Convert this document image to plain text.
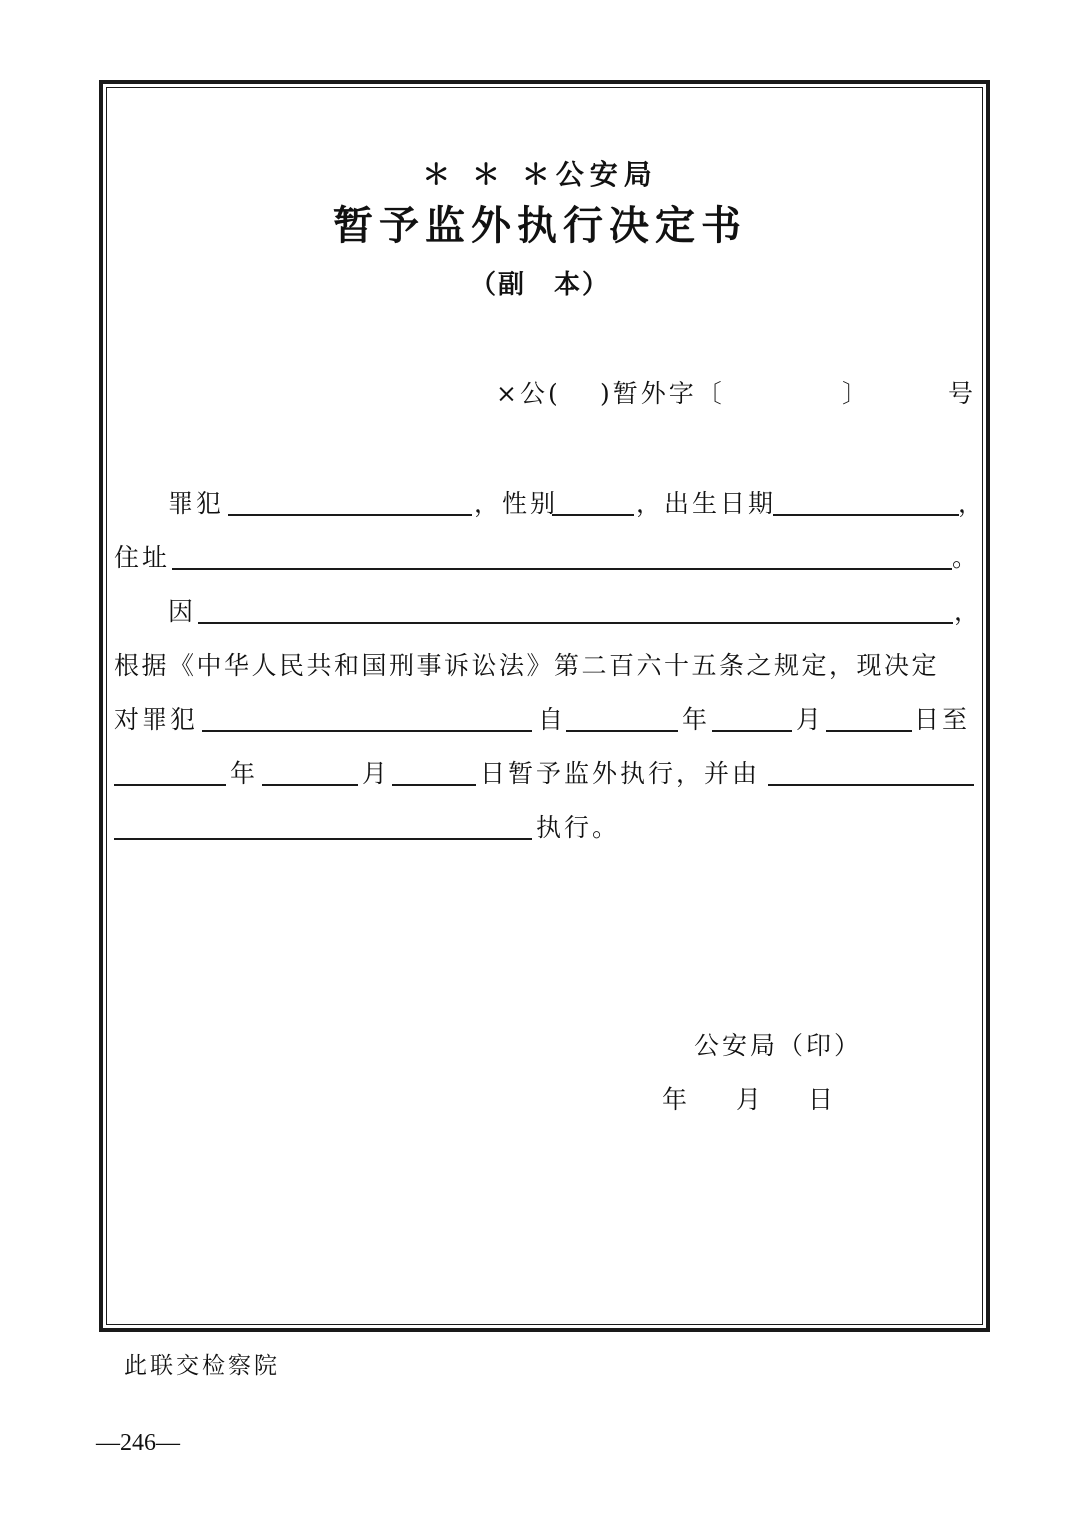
＊ ＊ ＊公安局
暂予监外执行决定书
（副　本）
×公( )暂外字〔	〕	号
罪犯	，性别	，出生日期	，
住址	。
因	，
根据《中华人民共和国刑事诉讼法》第二百六十五条之规定，现决定
对罪犯	自	年	月	日至
年	月	日暂予监外执行，并由
执行。
公安局（印）
年 月 日
此联交检察院
—246—
